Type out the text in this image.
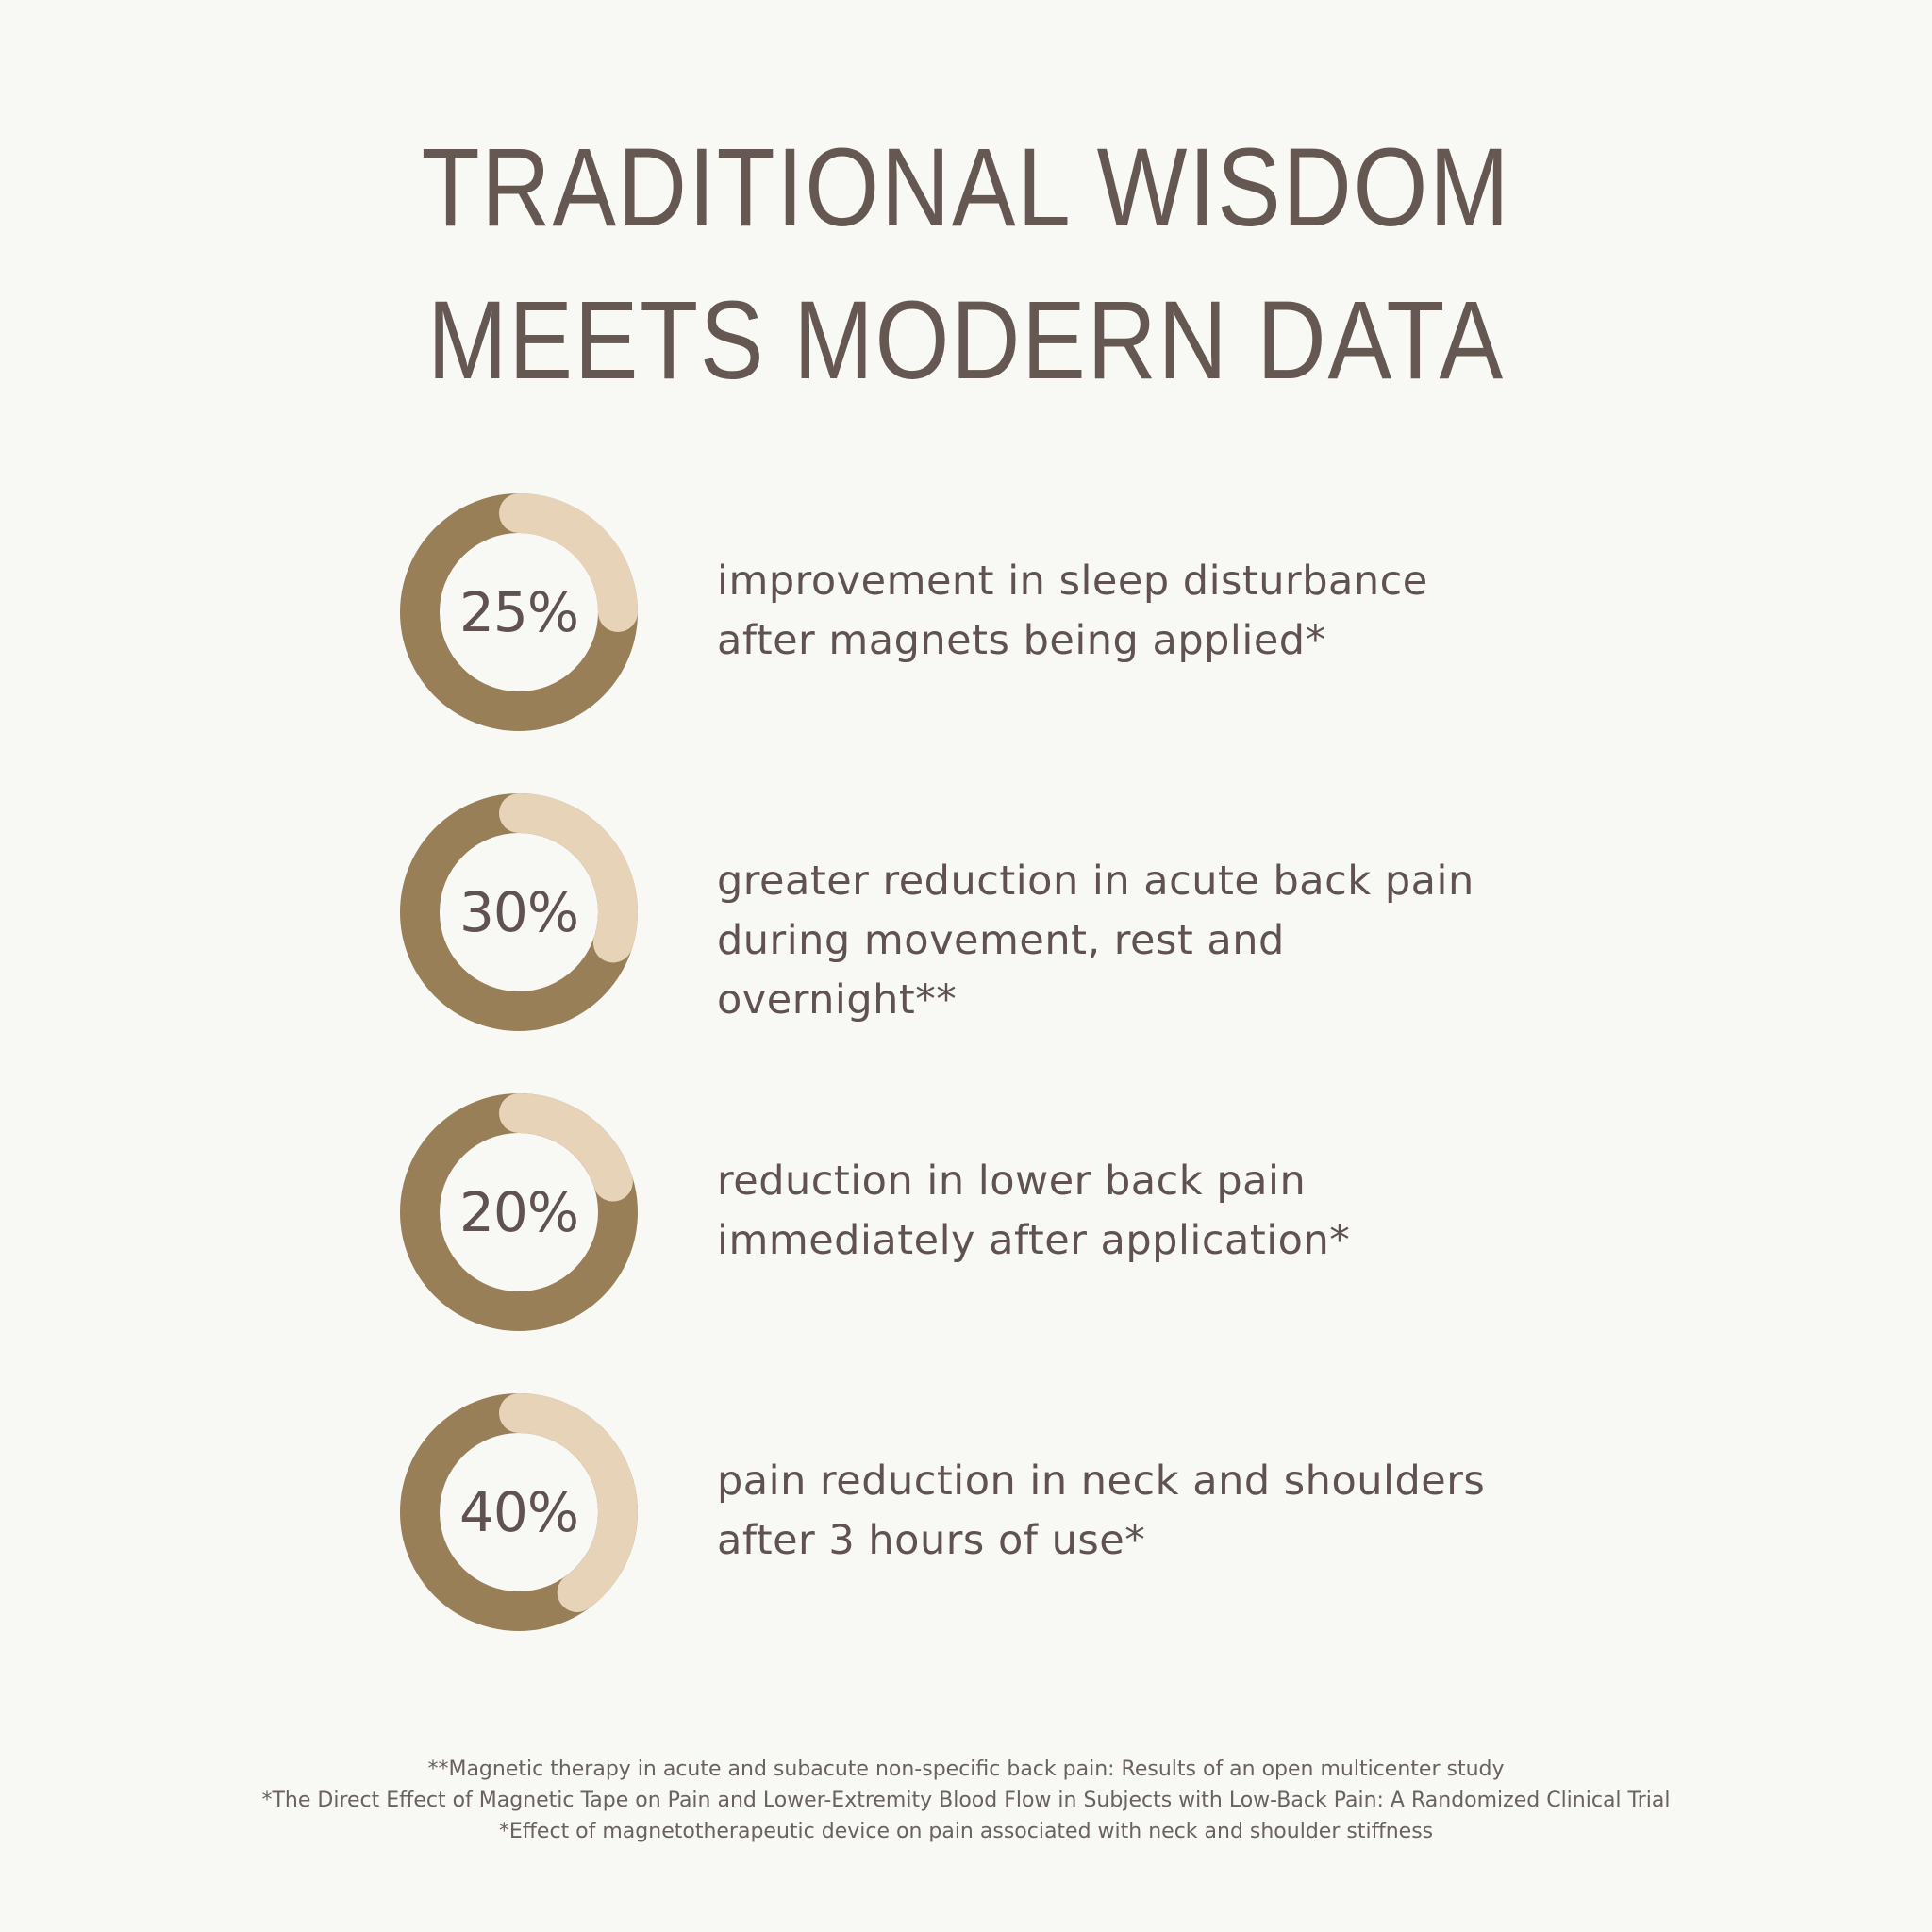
TRADITIONAL WISDOM
MEETS MODERN DATA
25%	improvement in sleep disturbance
after magnets being applied*
30%	greater reduction in acute back pain
during movement, rest and
overnight**
20%	reduction in lower back pain
immediately after application*
40%	pain reduction in neck and shoulders
after 3 hours of use*
**Magnetic therapy in acute and subacute non-specific back pain: Results of an open multicenter study
*The Direct Effect of Magnetic Tape on Pain and Lower-Extremity Blood Flow in Subjects with Low-Back Pain: A Randomized Clinical Trial
*Effect of magnetotherapeutic device on pain associated with neck and shoulder stiffness
